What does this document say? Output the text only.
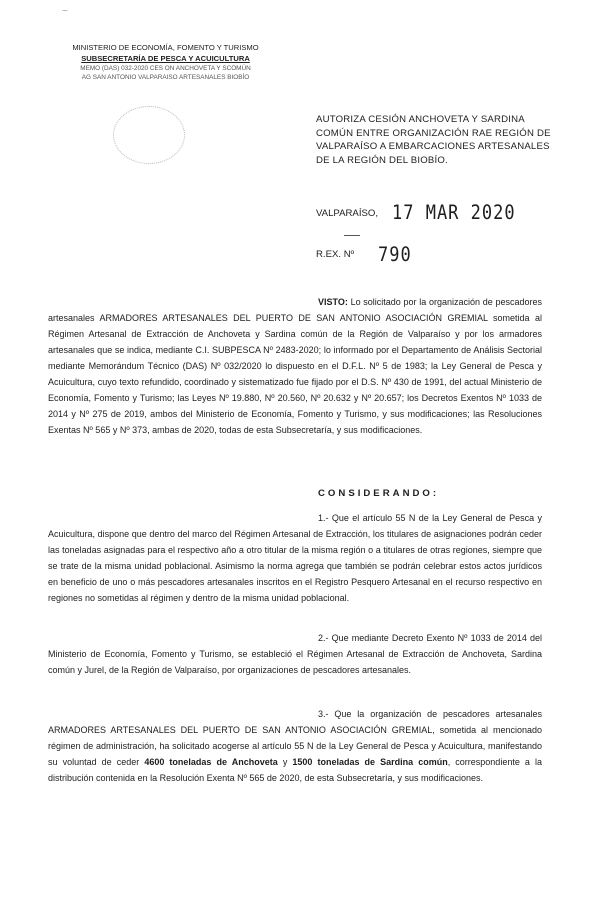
~
MINISTERIO DE ECONOMÍA, FOMENTO Y TURISMO
SUBSECRETARÍA DE PESCA Y ACUICULTURA
MEMO (DAS) 032-2020 CES ON ANCHOVETA Y SCOMÚN
AG SAN ANTONIO VALPARAISO ARTESANALES BIOBÍO
AUTORIZA CESIÓN ANCHOVETA Y SARDINA COMÚN ENTRE ORGANIZACIÓN RAE REGIÓN DE VALPARAÍSO A EMBARCACIONES ARTESANALES DE LA REGIÓN DEL BIOBÍO.
VALPARAÍSO, 17 MAR 2020
R.EX. Nº 790

VISTO: Lo solicitado por la organización de pescadores artesanales ARMADORES ARTESANALES DEL PUERTO DE SAN ANTONIO ASOCIACIÓN GREMIAL sometida al Régimen Artesanal de Extracción de Anchoveta y Sardina común de la Región de Valparaíso y por los armadores artesanales que se indica, mediante C.I. SUBPESCA Nº 2483-2020; lo informado por el Departamento de Análisis Sectorial mediante Memorándum Técnico (DAS) Nº 032/2020 lo dispuesto en el D.F.L. Nº 5 de 1983; la Ley General de Pesca y Acuicultura, cuyo texto refundido, coordinado y sistematizado fue fijado por el D.S. Nº 430 de 1991, del actual Ministerio de Economía, Fomento y Turismo; las Leyes Nº 19.880, Nº 20.560, Nº 20.632 y Nº 20.657; los Decretos Exentos Nº 1033 de 2014 y Nº 275 de 2019, ambos del Ministerio de Economía, Fomento y Turismo, y sus modificaciones; las Resoluciones Exentas Nº 565 y Nº 373, ambas de 2020, todas de esta Subsecretaría, y sus modificaciones.

CONSIDERANDO:

1.- Que el artículo 55 N de la Ley General de Pesca y Acuicultura, dispone que dentro del marco del Régimen Artesanal de Extracción, los titulares de asignaciones podrán ceder las toneladas asignadas para el respectivo año a otro titular de la misma región o a titulares de otras regiones, siempre que se trate de la misma unidad poblacional. Asimismo la norma agrega que también se podrán celebrar estos actos jurídicos en beneficio de uno o más pescadores artesanales inscritos en el Registro Pesquero Artesanal en el recurso respectivo en regiones no sometidas al régimen y dentro de la misma unidad poblacional.

2.- Que mediante Decreto Exento Nº 1033 de 2014 del Ministerio de Economía, Fomento y Turismo, se estableció el Régimen Artesanal de Extracción de Anchoveta, Sardina común y Jurel, de la Región de Valparaíso, por organizaciones de pescadores artesanales.

3.- Que la organización de pescadores artesanales ARMADORES ARTESANALES DEL PUERTO DE SAN ANTONIO ASOCIACIÓN GREMIAL, sometida al mencionado régimen de administración, ha solicitado acogerse al artículo 55 N de la Ley General de Pesca y Acuicultura, manifestando su voluntad de ceder 4600 toneladas de Anchoveta y 1500 toneladas de Sardina común, correspondiente a la distribución contenida en la Resolución Exenta Nº 565 de 2020, de esta Subsecretaría, y sus modificaciones.
